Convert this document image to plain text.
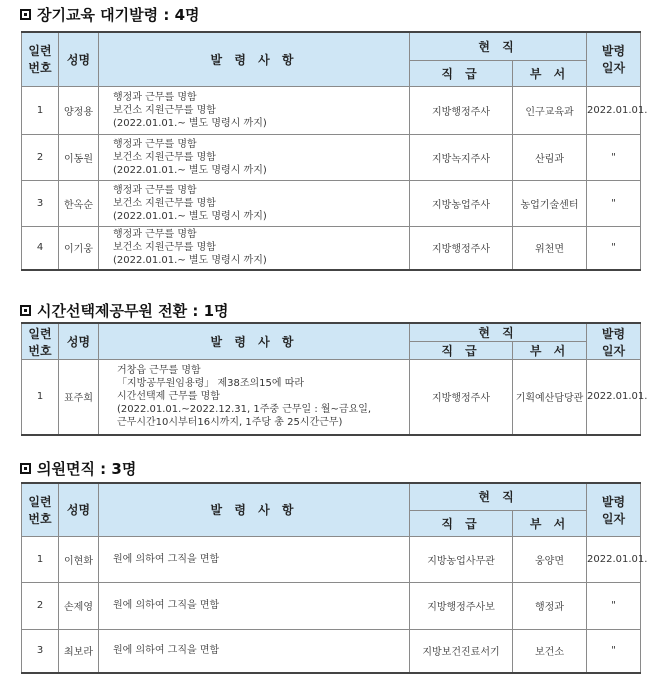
장기교육 대기발령 : 4명
일련
번호	성명	발 령 사 항	현 직		발령
일자
			직 급	부 서	
1	양정용	행정과 근무를 명함
보건소 지원근무를 명함
(2022.01.01.~ 별도 명령시 까지)	지방행정주사	인구교육과	2022.01.01.
2	이동원	행정과 근무를 명함
보건소 지원근무를 명함
(2022.01.01.~ 별도 명령시 까지)	지방녹지주사	산림과	"
3	한옥순	행정과 근무를 명함
보건소 지원근무를 명함
(2022.01.01.~ 별도 명령시 까지)	지방농업주사	농업기술센터	"
4	이기웅	행정과 근무를 명함
보건소 지원근무를 명함
(2022.01.01.~ 별도 명령시 까지)	지방행정주사	위천면	"
시간선택제공무원 전환 : 1명
일련
번호	성명	발 령 사 항	현 직		발령
일자
			직 급	부 서	
1	표주희	거창읍 근무를 명함
「지방공무원임용령」 제38조의15에 따라
시간선택제 근무를 명함
(2022.01.01.~2022.12.31, 1주중 근무일 : 월~금요일,
근무시간10시부터16시까지, 1주당 총 25시간근무)	지방행정주사	기획예산담당관	2022.01.01.
의원면직 : 3명
일련
번호	성명	발 령 사 항	현 직		발령
일자
			직 급	부 서	
1	이현화	원에 의하여 그직을 면함	지방농업사무관	웅양면	2022.01.01.
2	손제영	원에 의하여 그직을 면함	지방행정주사보	행정과	"
3	최보라	원에 의하여 그직을 면함	지방보건진료서기	보건소	"
